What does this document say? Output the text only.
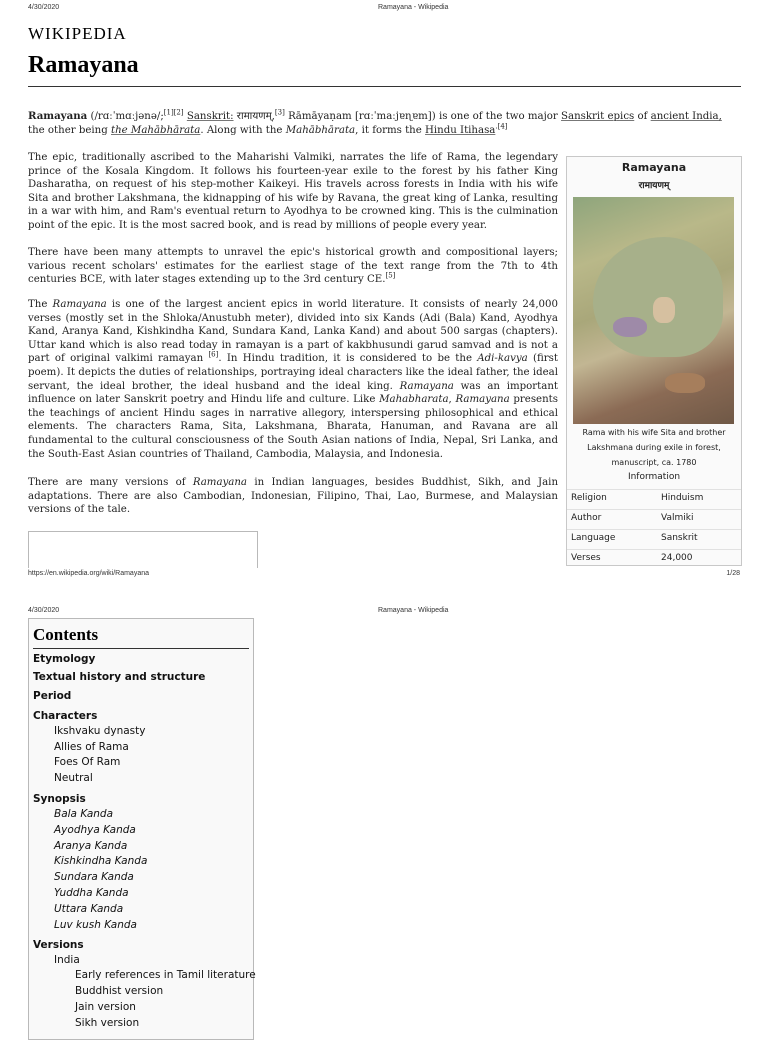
4/30/2020	Ramayana - Wikipedia
WIKIPEDIA
Ramayana

Ramayana (/rɑːˈmɑːjənə/;[1][2] Sanskrit: रामायणम्,[3] Rāmāyaṇam [rɑːˈmaːjɐɳɐm]) is one of the two major Sanskrit epics of ancient India, the other being the Mahābhārata. Along with the Mahābhārata, it forms the Hindu Itihasa$^{.[4]}$

The epic, traditionally ascribed to the Maharishi Valmiki, narrates the life of Rama, the legendary prince of the Kosala Kingdom. It follows his fourteen-year exile to the forest by his father King Dasharatha, on request of his step-mother Kaikeyi. His travels across forests in India with his wife Sita and brother Lakshmana, the kidnapping of his wife by Ravana, the great king of Lanka, resulting in a war with him, and Ram's eventual return to Ayodhya to be crowned king. This is the culmination point of the epic. It is the most sacred book, and is read by millions of people every year.

There have been many attempts to unravel the epic's historical growth and compositional layers; various recent scholars' estimates for the earliest stage of the text range from the 7th to 4th centuries BCE, with later stages extending up to the 3rd century CE.[5]

The Ramayana is one of the largest ancient epics in world literature. It consists of nearly 24,000 verses (mostly set in the Shloka/Anustubh meter), divided into six Kands (Adi (Bala) Kand, Ayodhya Kand, Aranya Kand, Kishkindha Kand, Sundara Kand, Lanka Kand) and about 500 sargas (chapters). Uttar kand which is also read today in ramayan is a part of kakbhusundi garud samvad and is not a part of original valkimi ramayan [6]. In Hindu tradition, it is considered to be the Adi-kavya (first poem). It depicts the duties of relationships, portraying ideal characters like the ideal father, the ideal servant, the ideal brother, the ideal husband and the ideal king. Ramayana was an important influence on later Sanskrit poetry and Hindu life and culture. Like Mahabharata, Ramayana presents the teachings of ancient Hindu sages in narrative allegory, interspersing philosophical and ethical elements. The characters Rama, Sita, Lakshmana, Bharata, Hanuman, and Ravana are all fundamental to the cultural consciousness of the South Asian nations of India, Nepal, Sri Lanka, and the South-East Asian countries of Thailand, Cambodia, Malaysia, and Indonesia.

There are many versions of Ramayana in Indian languages, besides Buddhist, Sikh, and Jain adaptations. There are also Cambodian, Indonesian, Filipino, Thai, Lao, Burmese, and Malaysian versions of the tale.

Ramayana
रामायणम्
Rama with his wife Sita and brother Lakshmana during exile in forest, manuscript, ca. 1780
Information
Religion	Hinduism
Author	Valmiki
Language	Sanskrit
Verses	24,000
https://en.wikipedia.org/wiki/Ramayana	1/28
4/30/2020	Ramayana - Wikipedia
Contents
Etymology
Textual history and structure
Period
Characters
Ikshvaku dynasty
Allies of Rama
Foes Of Ram
Neutral
Synopsis
Bala Kanda
Ayodhya Kanda
Aranya Kanda
Kishkindha Kanda
Sundara Kanda
Yuddha Kanda
Uttara Kanda
Luv kush Kanda
Versions
India
Early references in Tamil literature
Buddhist version
Jain version
Sikh version
